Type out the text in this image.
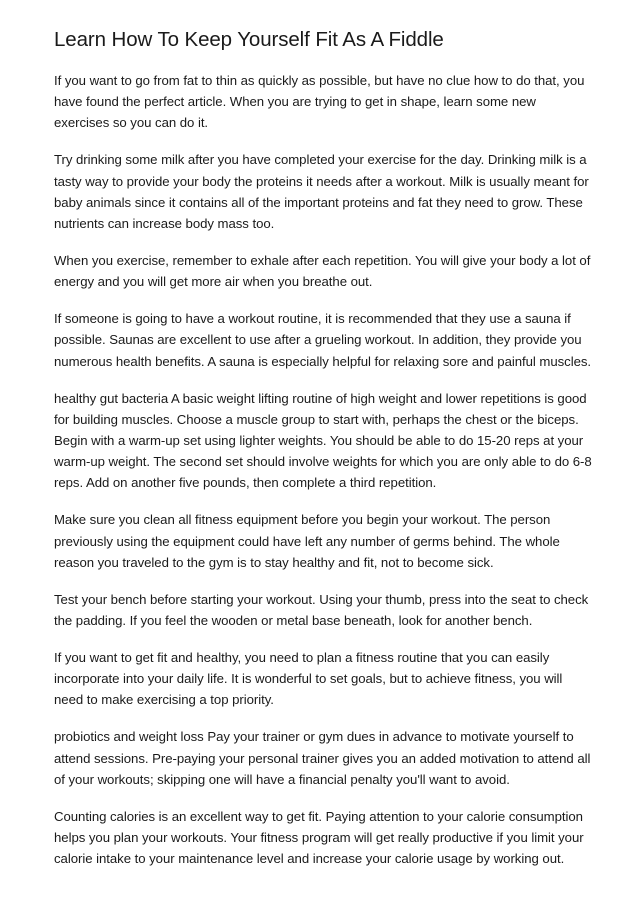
Learn How To Keep Yourself Fit As A Fiddle

If you want to go from fat to thin as quickly as possible, but have no clue how to do that, you have found the perfect article. When you are trying to get in shape, learn some new exercises so you can do it.

Try drinking some milk after you have completed your exercise for the day. Drinking milk is a tasty way to provide your body the proteins it needs after a workout. Milk is usually meant for baby animals since it contains all of the important proteins and fat they need to grow. These nutrients can increase body mass too.

When you exercise, remember to exhale after each repetition. You will give your body a lot of energy and you will get more air when you breathe out.

If someone is going to have a workout routine, it is recommended that they use a sauna if possible. Saunas are excellent to use after a grueling workout. In addition, they provide you numerous health benefits. A sauna is especially helpful for relaxing sore and painful muscles.

healthy gut bacteria A basic weight lifting routine of high weight and lower repetitions is good for building muscles. Choose a muscle group to start with, perhaps the chest or the biceps. Begin with a warm-up set using lighter weights. You should be able to do 15-20 reps at your warm-up weight. The second set should involve weights for which you are only able to do 6-8 reps. Add on another five pounds, then complete a third repetition.

Make sure you clean all fitness equipment before you begin your workout. The person previously using the equipment could have left any number of germs behind. The whole reason you traveled to the gym is to stay healthy and fit, not to become sick.

Test your bench before starting your workout. Using your thumb, press into the seat to check the padding. If you feel the wooden or metal base beneath, look for another bench.

If you want to get fit and healthy, you need to plan a fitness routine that you can easily incorporate into your daily life. It is wonderful to set goals, but to achieve fitness, you will need to make exercising a top priority.

probiotics and weight loss Pay your trainer or gym dues in advance to motivate yourself to attend sessions. Pre-paying your personal trainer gives you an added motivation to attend all of your workouts; skipping one will have a financial penalty you'll want to avoid.

Counting calories is an excellent way to get fit. Paying attention to your calorie consumption helps you plan your workouts. Your fitness program will get really productive if you limit your calorie intake to your maintenance level and increase your calorie usage by working out.
